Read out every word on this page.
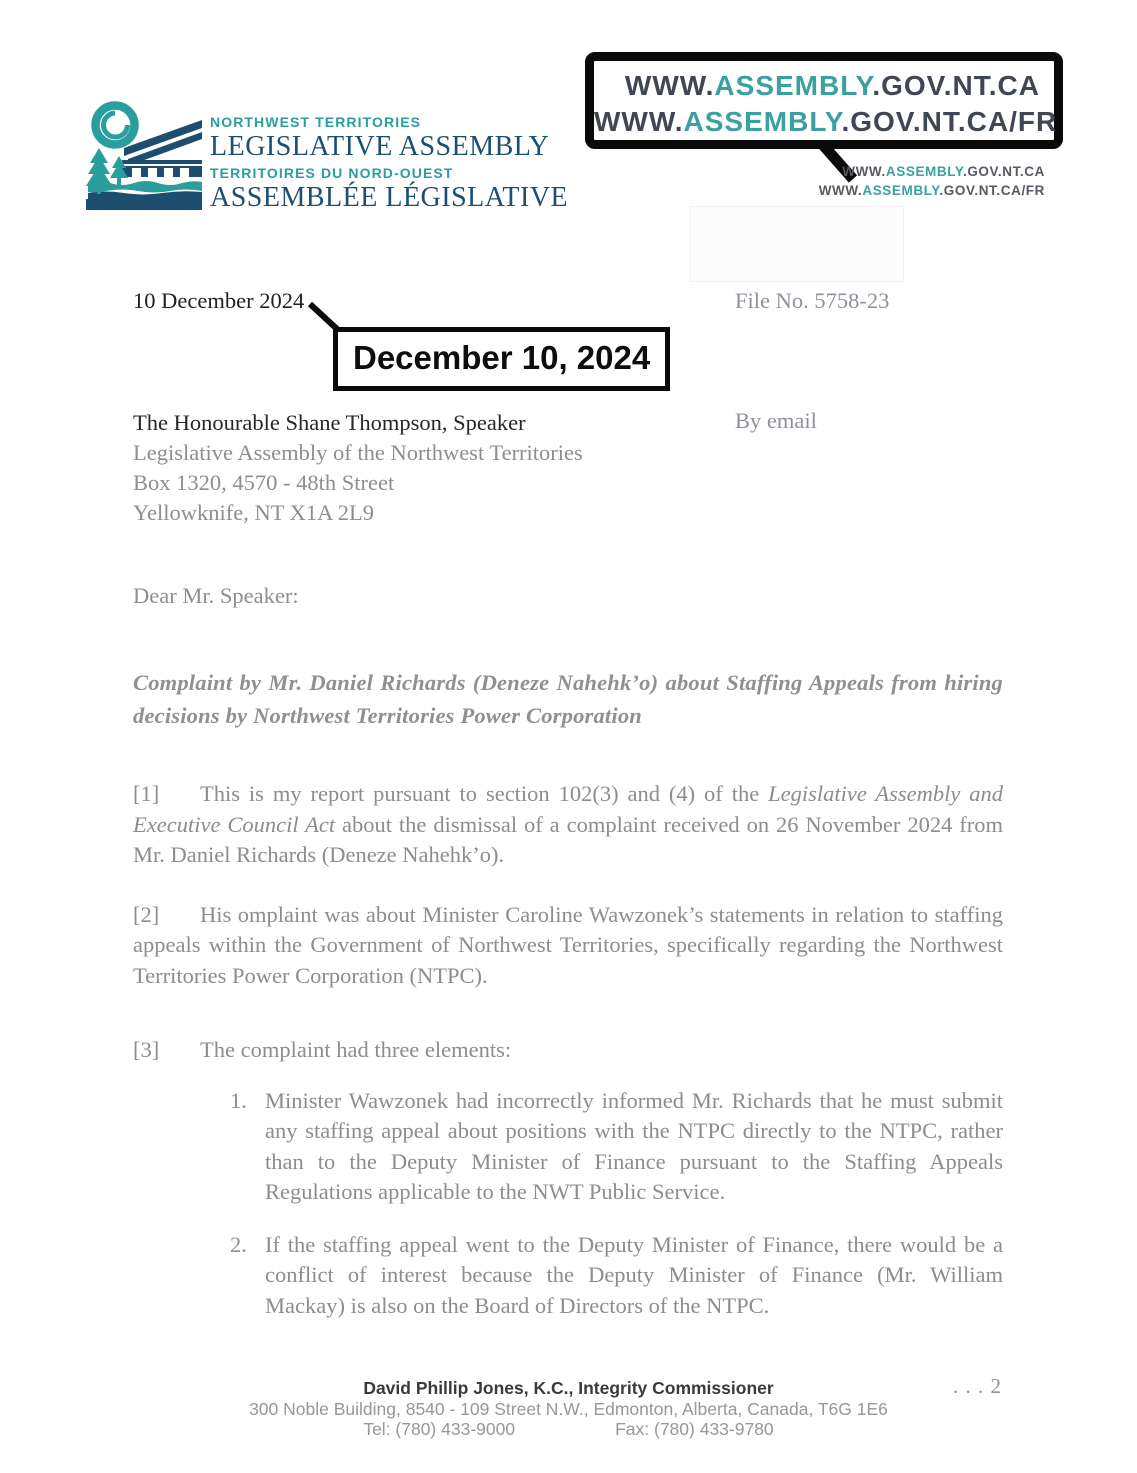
NORTHWEST TERRITORIES
LEGISLATIVE ASSEMBLY
TERRITOIRES DU NORD-OUEST
ASSEMBLÉE LÉGISLATIVE
WWW.ASSEMBLY.GOV.NT.CA
WWW.ASSEMBLY.GOV.NT.CA/FR
WWW.ASSEMBLY.GOV.NT.CA
WWW.ASSEMBLY.GOV.NT.CA/FR
10 December 2024	File No. 5758-23
December 10, 2024
The Honourable Shane Thompson, Speaker
Legislative Assembly of the Northwest Territories
Box 1320, 4570 - 48th Street
Yellowknife, NT X1A 2L9
By email
Dear Mr. Speaker:
Complaint by Mr. Daniel Richards (Deneze Nahehk’o) about Staffing Appeals from hiring decisions by Northwest Territories Power Corporation

[1] This is my report pursuant to section 102(3) and (4) of the Legislative Assembly and Executive Council Act about the dismissal of a complaint received on 26 November 2024 from Mr. Daniel Richards (Deneze Nahehk’o).

[2] His omplaint was about Minister Caroline Wawzonek’s statements in relation to staffing appeals within the Government of Northwest Territories, specifically regarding the Northwest Territories Power Corporation (NTPC).

[3] The complaint had three elements:

1. Minister Wawzonek had incorrectly informed Mr. Richards that he must submit any staffing appeal about positions with the NTPC directly to the NTPC, rather than to the Deputy Minister of Finance pursuant to the Staffing Appeals Regulations applicable to the NWT Public Service.
2. If the staffing appeal went to the Deputy Minister of Finance, there would be a conflict of interest because the Deputy Minister of Finance (Mr. William Mackay) is also on the Board of Directors of the NTPC.
David Phillip Jones, K.C., Integrity Commissioner
300 Noble Building, 8540 - 109 Street N.W., Edmonton, Alberta, Canada, T6G 1E6
Tel: (780) 433-9000	Fax: (780) 433-9780
. . . 2
